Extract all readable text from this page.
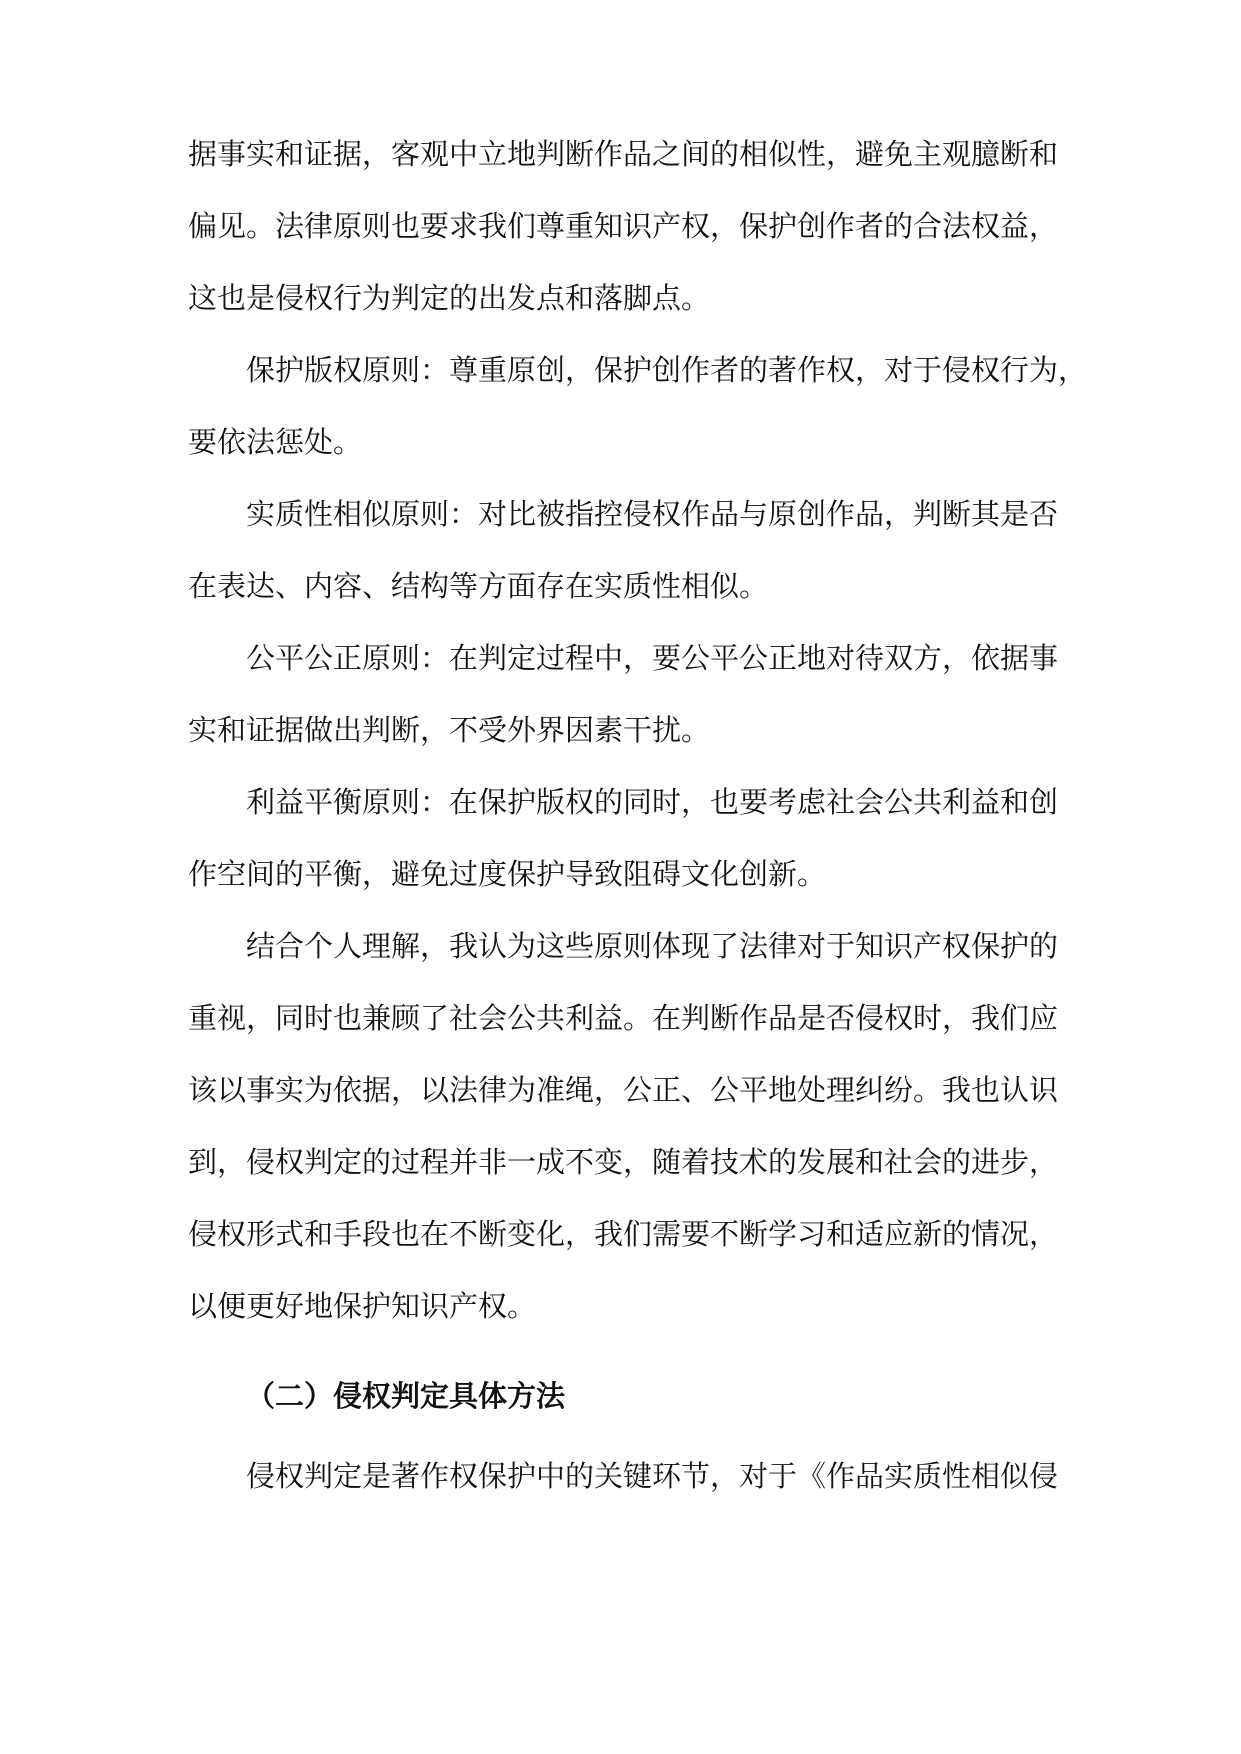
据事实和证据，客观中立地判断作品之间的相似性，避免主观臆断和
偏见。法律原则也要求我们尊重知识产权，保护创作者的合法权益，
这也是侵权行为判定的出发点和落脚点。
保护版权原则：尊重原创，保护创作者的著作权，对于侵权行为，
要依法惩处。
实质性相似原则：对比被指控侵权作品与原创作品，判断其是否
在表达、内容、结构等方面存在实质性相似。
公平公正原则：在判定过程中，要公平公正地对待双方，依据事
实和证据做出判断，不受外界因素干扰。
利益平衡原则：在保护版权的同时，也要考虑社会公共利益和创
作空间的平衡，避免过度保护导致阻碍文化创新。
结合个人理解，我认为这些原则体现了法律对于知识产权保护的
重视，同时也兼顾了社会公共利益。在判断作品是否侵权时，我们应
该以事实为依据，以法律为准绳，公正、公平地处理纠纷。我也认识
到，侵权判定的过程并非一成不变，随着技术的发展和社会的进步，
侵权形式和手段也在不断变化，我们需要不断学习和适应新的情况，
以便更好地保护知识产权。
（二）侵权判定具体方法
侵权判定是著作权保护中的关键环节，对于《作品实质性相似侵
